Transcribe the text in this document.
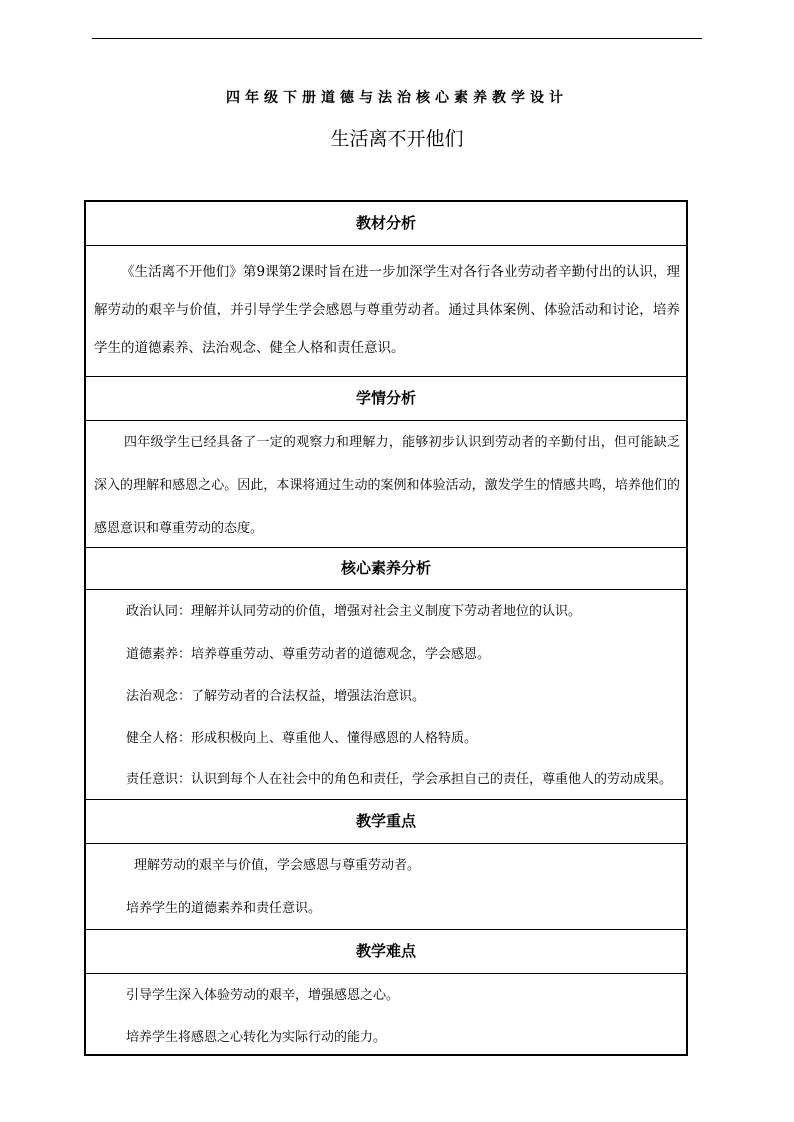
四年级下册道德与法治核心素养教学设计
生活离不开他们
教材分析

《生活离不开他们》第9课第2课时旨在进一步加深学生对各行各业劳动者辛勤付出的认识，理解劳动的艰辛与价值，并引导学生学会感恩与尊重劳动者。通过具体案例、体验活动和讨论，培养学生的道德素养、法治观念、健全人格和责任意识。

学情分析

四年级学生已经具备了一定的观察力和理解力，能够初步认识到劳动者的辛勤付出，但可能缺乏深入的理解和感恩之心。因此，本课将通过生动的案例和体验活动，激发学生的情感共鸣，培养他们的感恩意识和尊重劳动的态度。

核心素养分析
政治认同：理解并认同劳动的价值，增强对社会主义制度下劳动者地位的认识。
道德素养：培养尊重劳动、尊重劳动者的道德观念，学会感恩。
法治观念：了解劳动者的合法权益，增强法治意识。
健全人格：形成积极向上、尊重他人、懂得感恩的人格特质。
责任意识：认识到每个人在社会中的角色和责任，学会承担自己的责任，尊重他人的劳动成果。
教学重点
理解劳动的艰辛与价值，学会感恩与尊重劳动者。
培养学生的道德素养和责任意识。
教学难点
引导学生深入体验劳动的艰辛，增强感恩之心。
培养学生将感恩之心转化为实际行动的能力。
